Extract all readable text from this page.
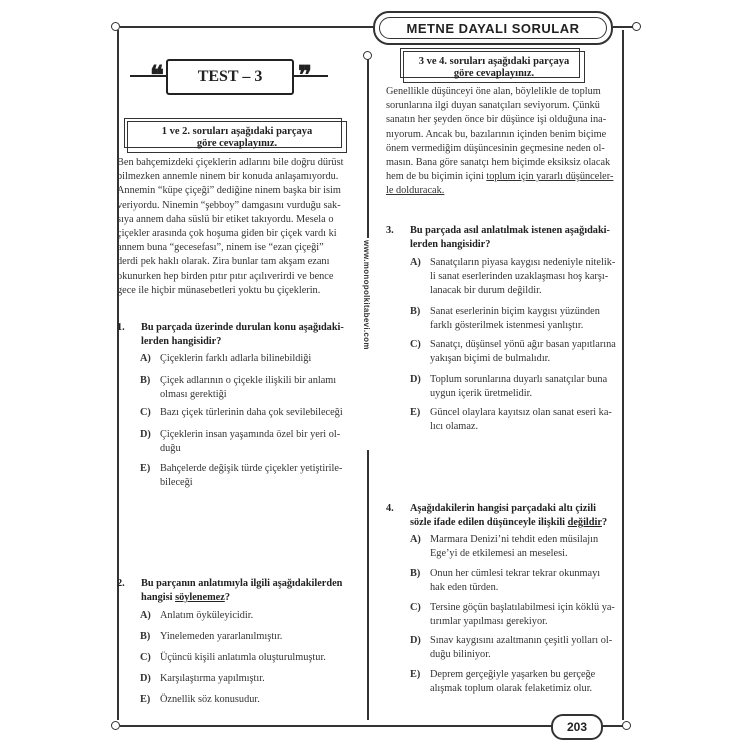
METNE DAYALI SORULAR
203
www.monopolkitabevi.com
❝	❞
TEST – 3
1 ve 2. soruları aşağıdaki parçaya
göre cevaplayınız.
Ben bahçemizdeki çiçeklerin adlarını bile doğru dürüst
bilmezken annemle ninem bir konuda anlaşamıyordu.
Annemin “küpe çiçeği” dediğine ninem başka bir isim
veriyordu. Ninemin “şebboy” damgasını vurduğu sak-
sıya annem daha süslü bir etiket takıyordu. Mesela o
çiçekler arasında çok hoşuma giden bir çiçek vardı ki
annem buna “gecesefası”, ninem ise “ezan çiçeği”
derdi pek haklı olarak. Zira bunlar tam akşam ezanı
okunurken hep birden pıtır pıtır açılıverirdi ve bence
gece ile hiçbir münasebetleri yoktu bu çiçeklerin.
1. Bu parçada üzerinde durulan konu aşağıdaki-
lerden hangisidir?
A) Çiçeklerin farklı adlarla bilinebildiği
B) Çiçek adlarının o çiçekle ilişkili bir anlamı
olması gerektiği
C) Bazı çiçek türlerinin daha çok sevilebileceği
D) Çiçeklerin insan yaşamında özel bir yeri ol-
duğu
E) Bahçelerde değişik türde çiçekler yetiştirile-
bileceği
2. Bu parçanın anlatımıyla ilgili aşağıdakilerden
hangisi söylenemez?
A) Anlatım öyküleyicidir.
B) Yinelemeden yararlanılmıştır.
C) Üçüncü kişili anlatımla oluşturulmuştur.
D) Karşılaştırma yapılmıştır.
E) Öznellik söz konusudur.
3 ve 4. soruları aşağıdaki parçaya
göre cevaplayınız.
Genellikle düşünceyi öne alan, böylelikle de toplum
sorunlarına ilgi duyan sanatçıları seviyorum. Çünkü
sanatın her şeyden önce bir düşünce işi olduğuna ina-
nıyorum. Ancak bu, bazılarının içinden benim biçime
önem vermediğim düşüncesinin geçmesine neden ol-
masın. Bana göre sanatçı hem biçimde eksiksiz olacak
hem de bu biçimin içini toplum için yararlı düşünceler-
le dolduracak.
3. Bu parçada asıl anlatılmak istenen aşağıdaki-
lerden hangisidir?
A) Sanatçıların piyasa kaygısı nedeniyle nitelik-
li sanat eserlerinden uzaklaşması hoş karşı-
lanacak bir durum değildir.
B) Sanat eserlerinin biçim kaygısı yüzünden
farklı gösterilmek istenmesi yanlıştır.
C) Sanatçı, düşünsel yönü ağır basan yapıtlarına
yakışan biçimi de bulmalıdır.
D) Toplum sorunlarına duyarlı sanatçılar buna
uygun içerik üretmelidir.
E) Güncel olaylara kayıtsız olan sanat eseri ka-
lıcı olamaz.
4. Aşağıdakilerin hangisi parçadaki altı çizili
sözle ifade edilen düşünceyle ilişkili değildir?
A) Marmara Denizi’ni tehdit eden müsilajın
Ege’yi de etkilemesi an meselesi.
B) Onun her cümlesi tekrar tekrar okunmayı
hak eden türden.
C) Tersine göçün başlatılabilmesi için köklü ya-
tırımlar yapılması gerekiyor.
D) Sınav kaygısını azaltmanın çeşitli yolları ol-
duğu biliniyor.
E) Deprem gerçeğiyle yaşarken bu gerçeğe
alışmak toplum olarak felaketimiz olur.
